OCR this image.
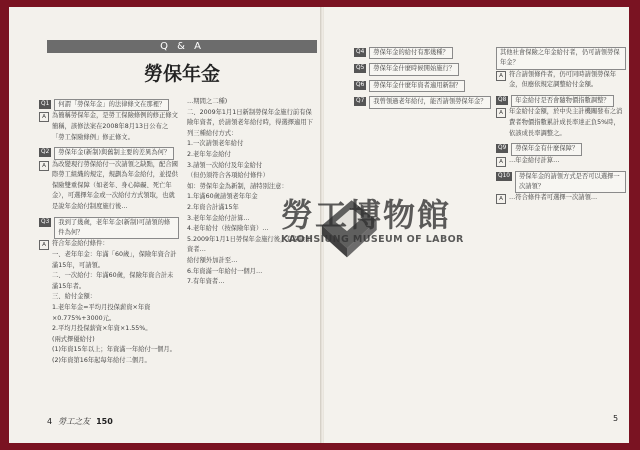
Q & A
勞保年金
Q1	何謂「勞保年金」的法律條文在那裡？
A 為簡稱勞保年金，是勞工保險條例的修正條文簡稱，該修法案在2008年8月13日公布之「勞工保險條例」修正條文。
Q2	勞保年金(新制)與舊制主要的差異為何？
A 為改變現行勞保給付一次請領之缺點，配合國際勞工組織的規定，規劃為年金給付，並提供保險雙重保障（如老年、身心障礙、死亡年金），可選擇年金或一次給付方式領取，也就是說年金給付制度施行後…
Q3	我到了幾歲，老年年金(新制)可請領的條件為何？
A 符合年金給付條件：
一、老年年金：年滿「60歲」，保險年資合計滿15年，可請領。
二、一次給付：年滿60歲，保險年資合計未滿15年者。
三、給付金額：
1.老年年金=平均月投保薪資×年資×0.775%+3000元。
2.平均月投保薪資×年資×1.55%。
(兩式擇優給付)
(1)年資15年以上；年資滿一年給付一個月。
(2)年資第16年起每年給付二個月。
…期間之二種)
二、2009年1月1日新制勞保年金施行前有保險年資者，於請領老年給付時，得選擇適用下列三種給付方式：
1.一次請領老年給付
2.老年年金給付
3.請領一次給付及年金給付
（但仍須符合各項給付條件）
如：勞保年金為新制，請特別注意：
1.年滿60歲請領老年年金
2.年資合計滿15年
3.老年年金給付計算…
4.老年給付（按保險年資）…
5.2009年1月1日勞保年金施行後，有保險年資者…
給付額外加計至…
6.年資滿一年給付一個月…
7.有年資者…
4 勞工之友 150
Q4	勞保年金的給付有那幾種？
Q5	勞保年金什麼時候開始施行？
Q6	勞保年金什麼年資者適用新制？
Q7	我曾領過老年給付，能否請領勞保年金？
其他社會保險之年金給付者，仍可請領勞保年金？
A 符合請領條件者，仍可同時請領勞保年金，但應依規定調整給付金額。
Q8	年金給付是否會隨物價指數調整？
A 年金給付金額，於中央主計機關發布之消費者物價指數累計成長率達正負5%時，依該成長率調整之。
Q9	勞保年金有什麼保障？
A …年金給付計算…
Q10	勞保年金的請領方式是否可以選擇一次請領？
A …符合條件者可選擇一次請領…
5
勞工博物館
KAOHSIUNG MUSEUM OF LABOR
